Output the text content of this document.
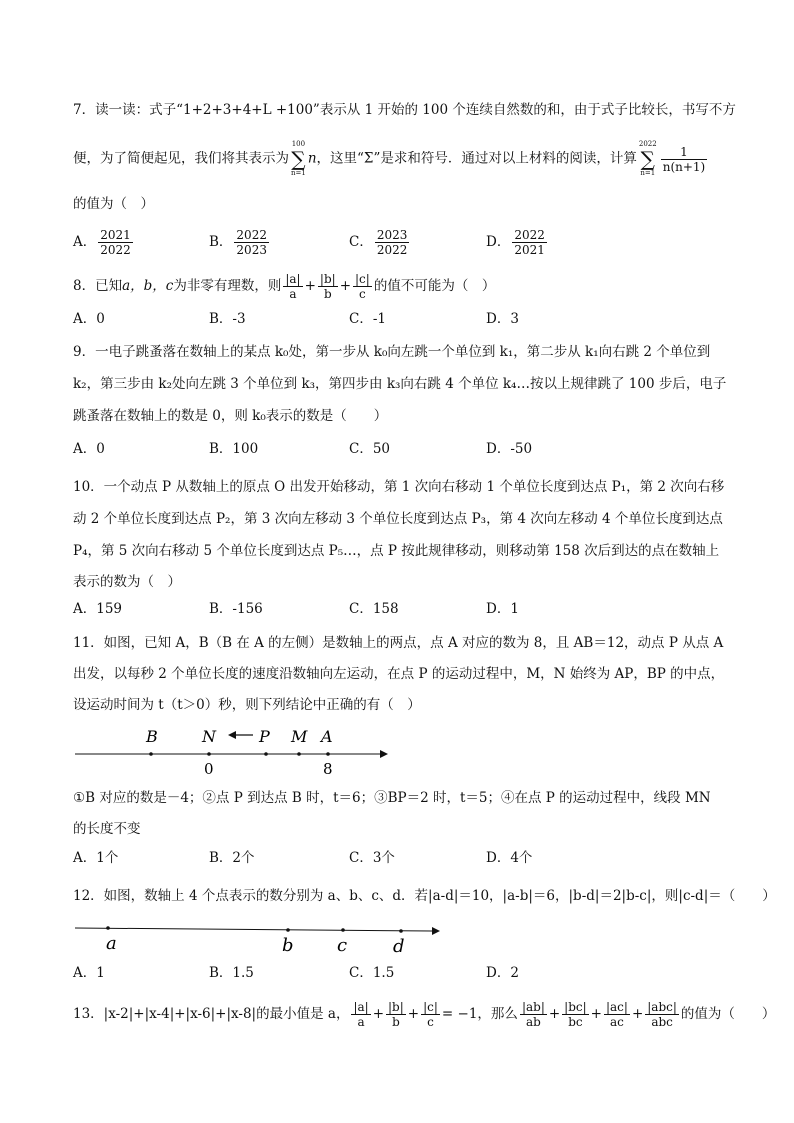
7．读一读：式子“1+2+3+4+L +100”表示从 1 开始的 100 个连续自然数的和，由于式子比较长，书写不方
便，为了简便起见，我们将其表示为
100
∑
n=1
n，这里“Σ”是求和符号．通过对以上材料的阅读，计算
2022
∑
$n=1 \frac{1}{n(n+1)}$
的值为（　）
A． $\frac{2021}{2022}$	B． $\frac{2022}{2023}$	C． $\frac{2023}{2022}$	D． $\frac{2022}{2021}$
8．已知a，b，c为非零有理数，则 $\frac{|a|}{a} + \frac{|b|}{b} + \frac{|c|}{c}$ 的值不可能为（　）
A．0	B．-3	C．-1	D．3
9．一电子跳蚤落在数轴上的某点 k₀处，第一步从 k₀向左跳一个单位到 k₁，第二步从 k₁向右跳 2 个单位到
k₂，第三步由 k₂处向左跳 3 个单位到 k₃，第四步由 k₃向右跳 4 个单位 k₄…按以上规律跳了 100 步后，电子
跳蚤落在数轴上的数是 0，则 k₀表示的数是（　　）
A．0	B．100	C．50	D．-50
10．一个动点 P 从数轴上的原点 O 出发开始移动，第 1 次向右移动 1 个单位长度到达点 P₁，第 2 次向右移
动 2 个单位长度到达点 P₂，第 3 次向左移动 3 个单位长度到达点 P₃，第 4 次向左移动 4 个单位长度到达点
P₄，第 5 次向右移动 5 个单位长度到达点 P₅…，点 P 按此规律移动，则移动第 158 次后到达的点在数轴上
表示的数为（　）
A．159	B．-156	C．158	D．1
11．如图，已知 A，B（B 在 A 的左侧）是数轴上的两点，点 A 对应的数为 8，且 AB＝12，动点 P 从点 A
出发，以每秒 2 个单位长度的速度沿数轴向左运动，在点 P 的运动过程中，M，N 始终为 AP，BP 的中点，
设运动时间为 t（t＞0）秒，则下列结论中正确的有（　）
B	N	P M A
0	8
①B 对应的数是－4；②点 P 到达点 B 时，t＝6；③BP＝2 时，t＝5；④在点 P 的运动过程中，线段 MN
的长度不变
A．1个	B．2个	C．3个	D．4个
12．如图，数轴上 4 个点表示的数分别为 a、b、c、d．若|a-d|＝10，|a-b|＝6，|b-d|＝2|b-c|，则|c-d|＝（　　）
a	b c	d
A．1	B．1.5	C．1.5	D．2
13．|x-2|+|x-4|+|x-6|+|x-8|的最小值是 a， $\frac{|a|}{a} + \frac{|b|}{b} + \frac{|c|}{c} = -1$，那么 $\frac{|ab|}{ab} + \frac{|bc|}{bc} + \frac{|ac|}{ac} + \frac{\text{|abc|}}{\text{abc}}$ 的值为（　　）
